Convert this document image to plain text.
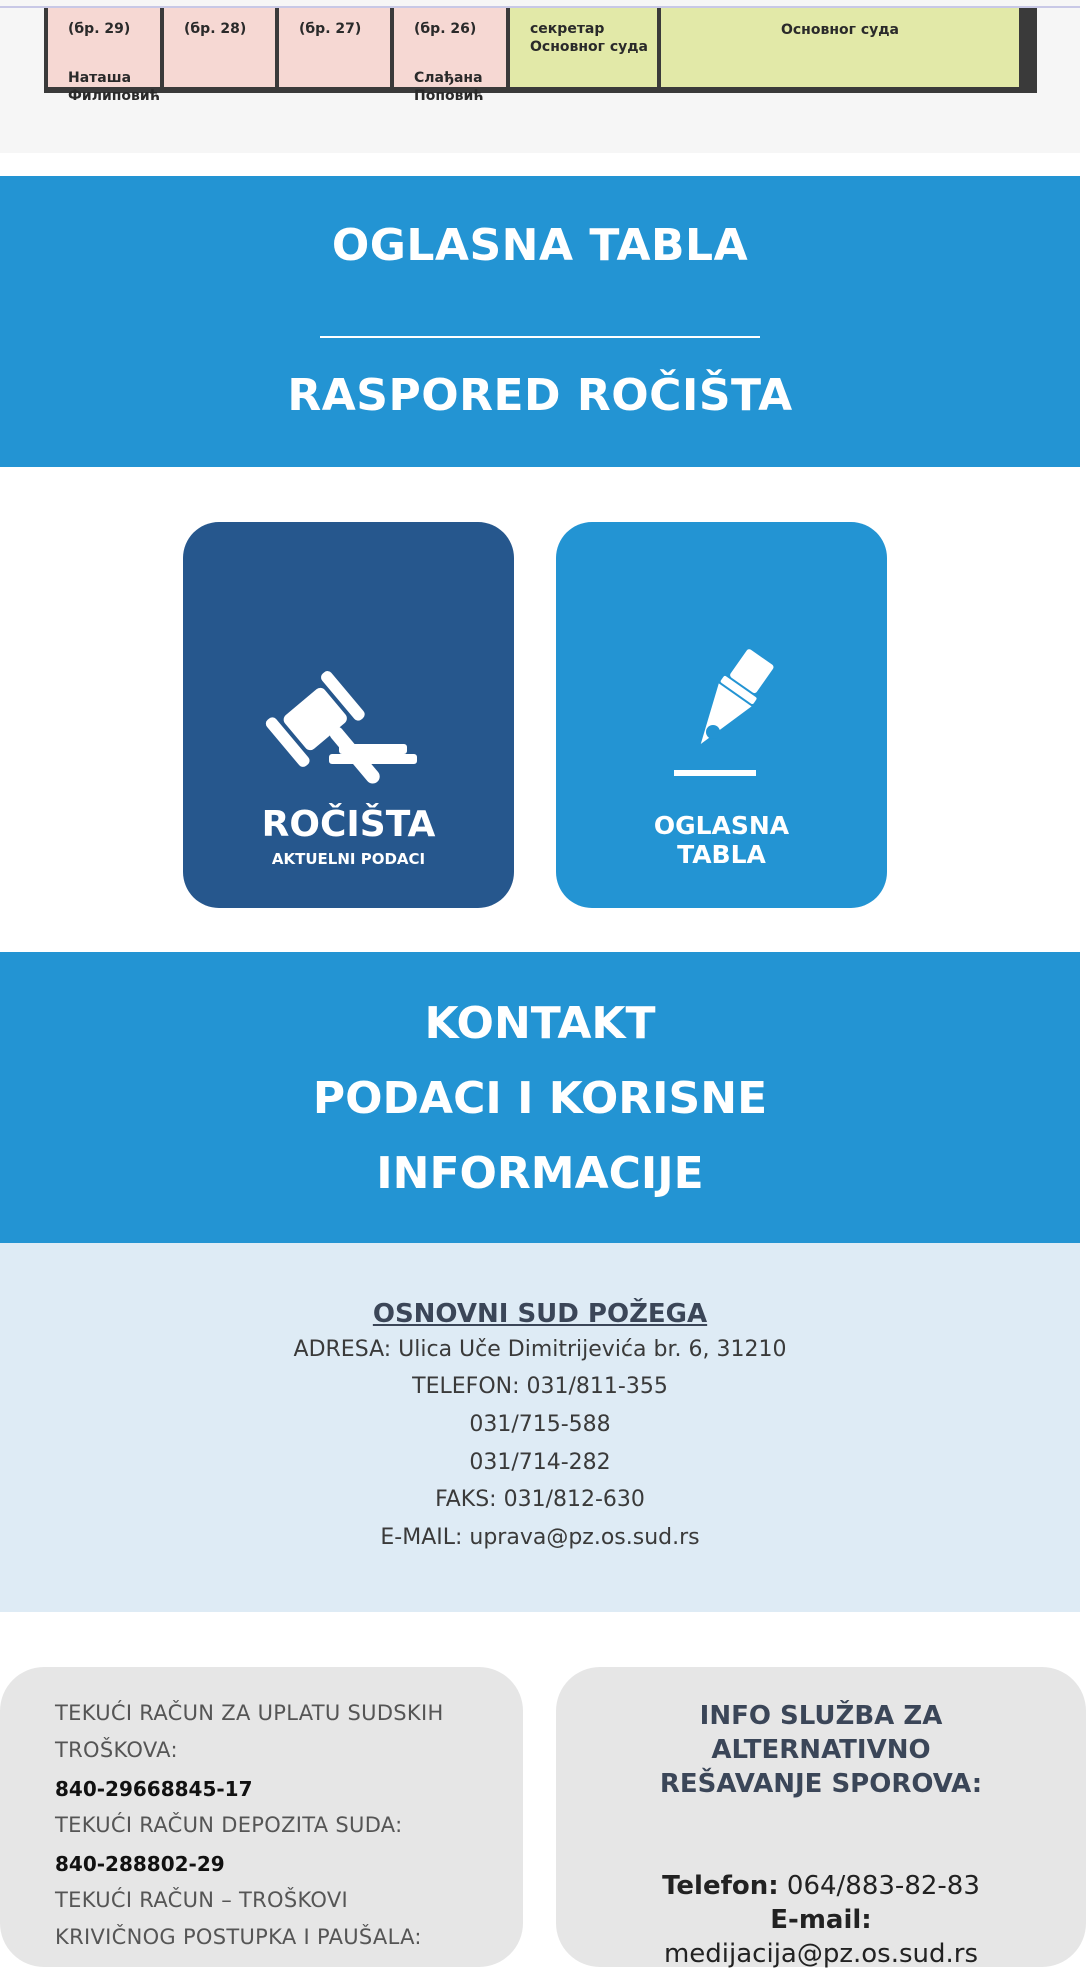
(бр. 29)

Наташа
Филиповић

(бр. 28)	(бр. 27)	(бр. 26)

Слађана
Поповић

секретар
Основног суда

Основног суда

OGLASNA TABLA
RASPORED ROČIŠTA
ROČIŠTA
AKTUELNI PODACI
OGLASNA
TABLA
KONTAKT
PODACI I KORISNE
INFORMACIJE
OSNOVNI SUD POŽEGA
ADRESA: Ulica Uče Dimitrijevića br. 6, 31210
TELEFON: 031/811-355
031/715-588
031/714-282
FAKS: 031/812-630
E-MAIL: uprava@pz.os.sud.rs
TEKUĆI RAČUN ZA UPLATU SUDSKIH
TROŠKOVA:
840-29668845-17
TEKUĆI RAČUN DEPOZITA SUDA:
840-288802-29
TEKUĆI RAČUN – TROŠKOVI
KRIVIČNOG POSTUPKA I PAUŠALA:
INFO SLUŽBA ZA
ALTERNATIVNO
REŠAVANJE SPOROVA:
Telefon: 064/883-82-83
E-mail:
medijacija@pz.os.sud.rs
